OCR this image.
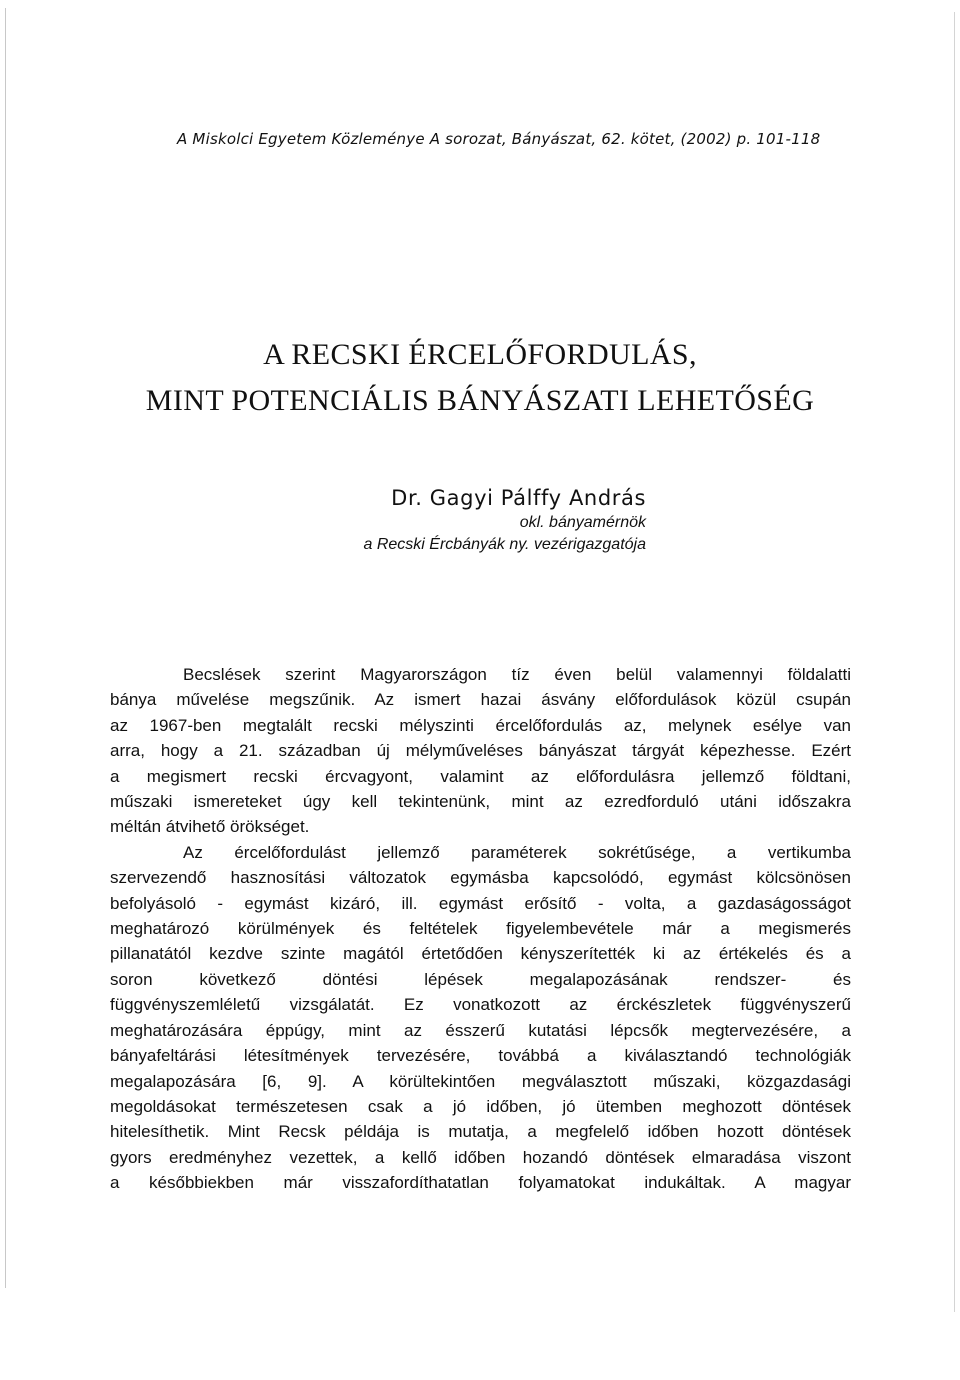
A Miskolci Egyetem Közleménye A sorozat, Bányászat, 62. kötet, (2002) p. 101-118
A RECSKI ÉRCELŐFORDULÁS,
MINT POTENCIÁLIS BÁNYÁSZATI LEHETŐSÉG
Dr. Gagyi Pálffy András
okl. bányamérnök
a Recski Ércbányák ny. vezérigazgatója
Becslések szerint Magyarországon tíz éven belül valamennyi földalatti
bánya művelése megszűnik. Az ismert hazai ásvány előfordulások közül csupán
az 1967-ben megtalált recski mélyszinti ércelőfordulás az, melynek esélye van
arra, hogy a 21. században új mélyműveléses bányászat tárgyát képezhesse. Ezért
a megismert recski ércvagyont, valamint az előfordulásra jellemző földtani,
műszaki ismereteket úgy kell tekintenünk, mint az ezredforduló utáni időszakra
méltán átvihető örökséget.
Az ércelőfordulást jellemző paraméterek sokrétűsége, a vertikumba
szervezendő hasznosítási változatok egymásba kapcsolódó, egymást kölcsönösen
befolyásoló - egymást kizáró, ill. egymást erősítő - volta, a gazdaságosságot
meghatározó körülmények és feltételek figyelembevétele már a megismerés
pillanatától kezdve szinte magától értetődően kényszerítették ki az értékelés és a
soron következő döntési lépések megalapozásának rendszer- és
függvényszemléletű vizsgálatát. Ez vonatkozott az érckészletek függvényszerű
meghatározására éppúgy, mint az ésszerű kutatási lépcsők megtervezésére, a
bányafeltárási létesítmények tervezésére, továbbá a kiválasztandó technológiák
megalapozására [6, 9]. A körültekintően megválasztott műszaki, közgazdasági
megoldásokat természetesen csak a jó időben, jó ütemben meghozott döntések
hitelesíthetik. Mint Recsk példája is mutatja, a megfelelő időben hozott döntések
gyors eredményhez vezettek, a kellő időben hozandó döntések elmaradása viszont
a későbbiekben már visszafordíthatatlan folyamatokat indukáltak. A magyar
